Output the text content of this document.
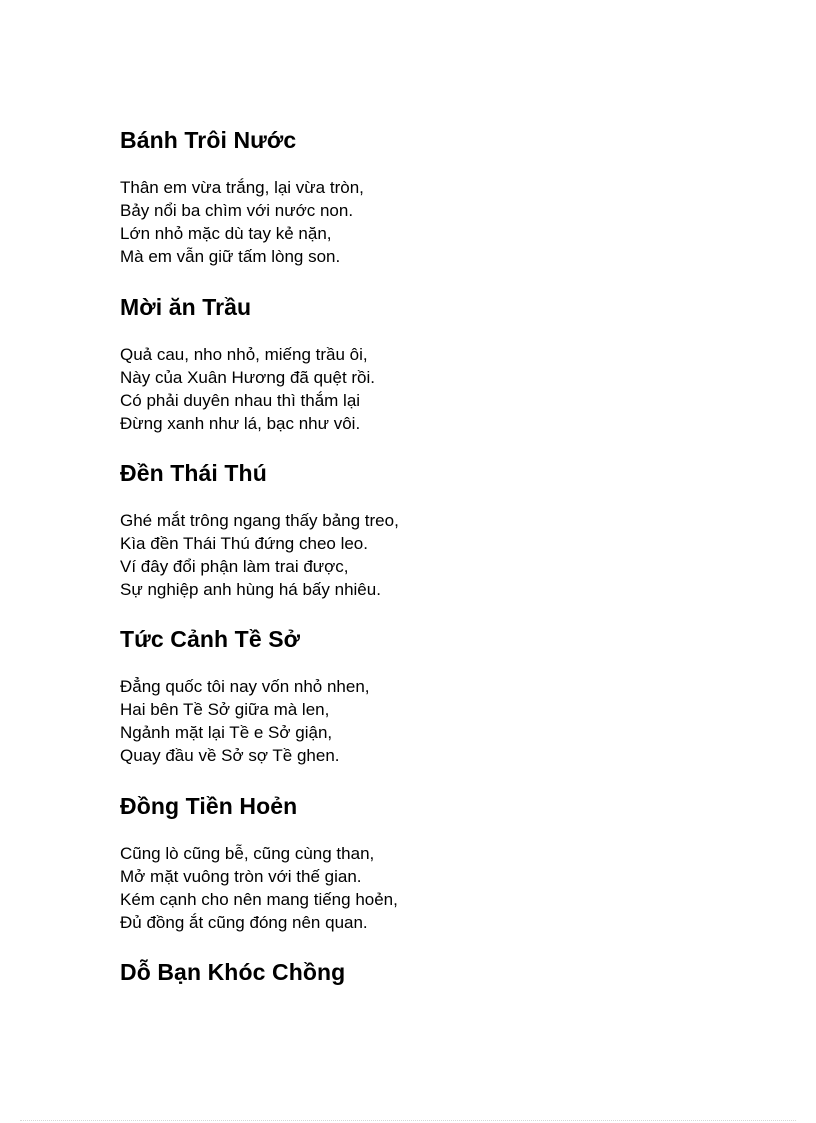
Bánh Trôi Nước
Thân em vừa trắng, lại vừa tròn,
Bảy nổi ba chìm với nước non.
Lớn nhỏ mặc dù tay kẻ nặn,
Mà em vẫn giữ tấm lòng son.
Mời ăn Trầu
Quả cau, nho nhỏ, miếng trầu ôi,
Này của Xuân Hương đã quệt rồi.
Có phải duyên nhau thì thắm lại
Đừng xanh như lá, bạc như vôi.
Đền Thái Thú
Ghé mắt trông ngang thấy bảng treo,
Kìa đền Thái Thú đứng cheo leo.
Ví đây đổi phận làm trai được,
Sự nghiệp anh hùng há bấy nhiêu.
Tức Cảnh Tề Sở
Đẳng quốc tôi nay vốn nhỏ nhen,
Hai bên Tề Sở giữa mà len,
Ngảnh mặt lại Tề e Sở giận,
Quay đầu về Sở sợ Tề ghen.
Đồng Tiền Hoẻn
Cũng lò cũng bễ, cũng cùng than,
Mở mặt vuông tròn với thế gian.
Kém cạnh cho nên mang tiếng hoẻn,
Đủ đồng ắt cũng đóng nên quan.
Dỗ Bạn Khóc Chồng
